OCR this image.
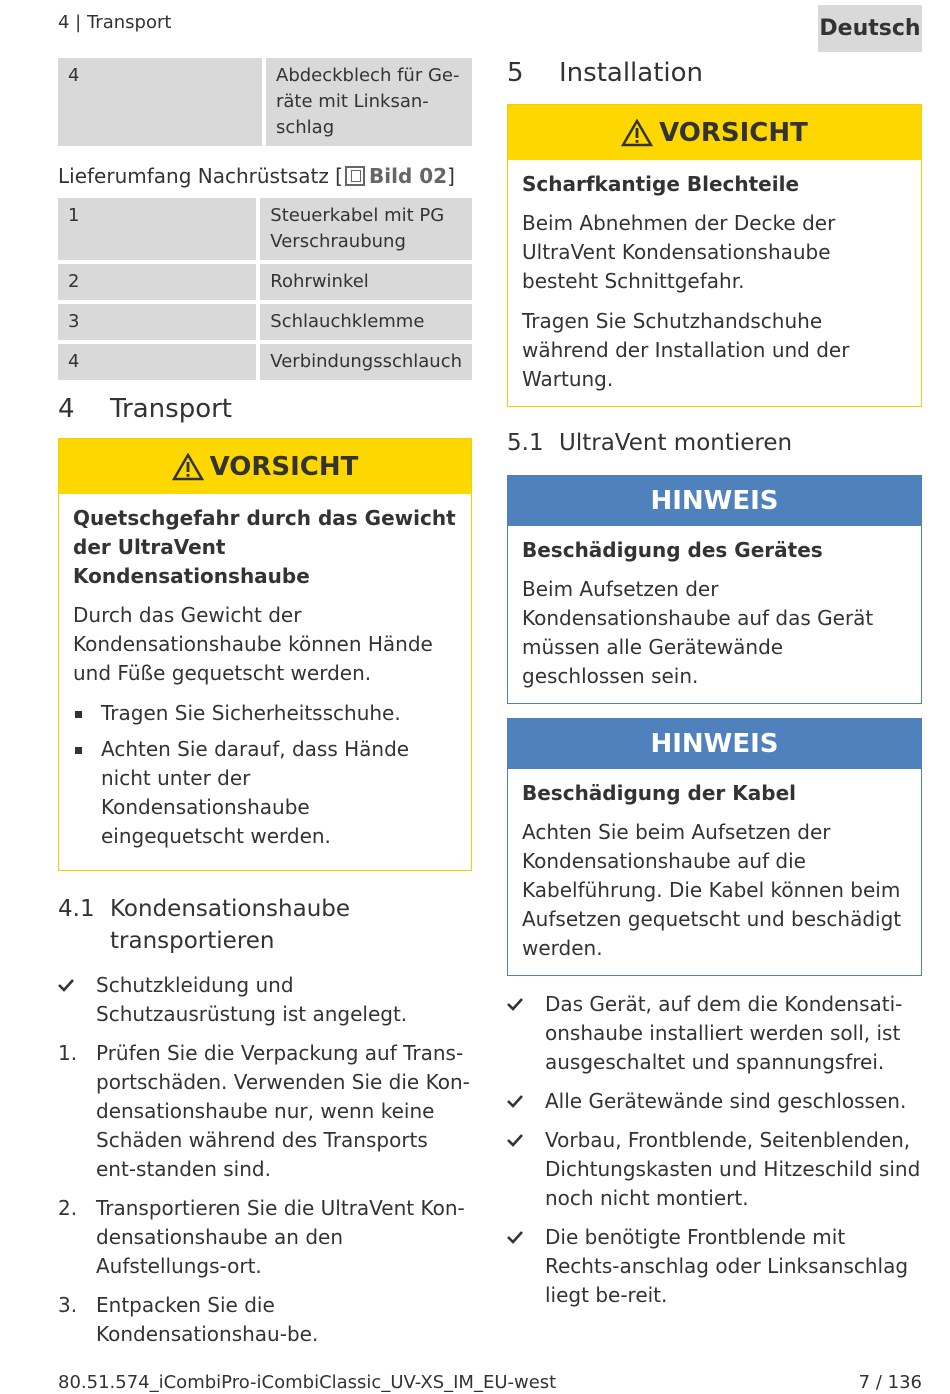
4 | Transport	Deutsch
4	Abdeckblech für Ge-
räte mit Linksan-
schlag
Lieferumfang Nachrüstsatz [ Bild 02]
1	Steuerkabel mit PG
Verschraubung
2	Rohrwinkel
3	Schlauchklemme
4	Verbindungsschlauch
4 Transport
VORSICHT
Quetschgefahr durch das Gewicht der UltraVent Kondensationshaube

Durch das Gewicht der Kondensationshaube können Hände und Füße gequetscht werden.

Tragen Sie Sicherheitsschuhe.
Achten Sie darauf, dass Hände nicht unter der Kondensationshaube eingequetscht werden.
4.1 Kondensationshaube transportieren
Schutzkleidung und Schutzausrüstung ist angelegt.
1. Prüfen Sie die Verpackung auf Trans-portschäden. Verwenden Sie die Kon-densationshaube nur, wenn keine Schäden während des Transports ent-standen sind.
2. Transportieren Sie die UltraVent Kon-densationshaube an den Aufstellungs-ort.
3. Entpacken Sie die Kondensationshau-be.
5 Installation
VORSICHT
Scharfkantige Blechteile

Beim Abnehmen der Decke der UltraVent Kondensationshaube besteht Schnittgefahr.

Tragen Sie Schutzhandschuhe während der Installation und der Wartung.

5.1 UltraVent montieren
HINWEIS
Beschädigung des Gerätes

Beim Aufsetzen der Kondensationshaube auf das Gerät müssen alle Gerätewände geschlossen sein.

HINWEIS
Beschädigung der Kabel

Achten Sie beim Aufsetzen der Kondensationshaube auf die Kabelführung. Die Kabel können beim Aufsetzen gequetscht und beschädigt werden.

Das Gerät, auf dem die Kondensati-onshaube installiert werden soll, ist ausgeschaltet und spannungsfrei.
Alle Gerätewände sind geschlossen.
Vorbau, Frontblende, Seitenblenden, Dichtungskasten und Hitzeschild sind noch nicht montiert.
Die benötigte Frontblende mit Rechts-anschlag oder Linksanschlag liegt be-reit.
80.51.574_iCombiPro-iCombiClassic_UV-XS_IM_EU-west	7 / 136
